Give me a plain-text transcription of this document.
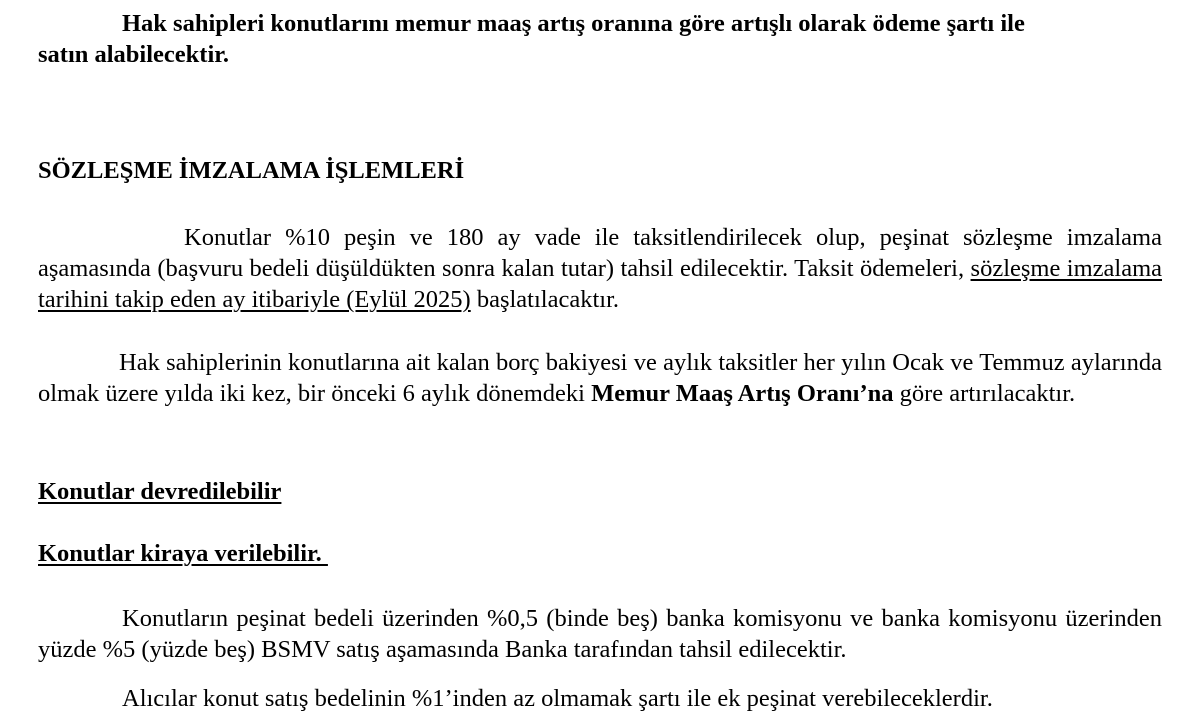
Hak sahipleri konutlarını memur maaş artış oranına göre artışlı olarak ödeme şartı ile
satın alabilecektir.

SÖZLEŞME İMZALAMA İŞLEMLERİ

Konutlar %10 peşin ve 180 ay vade ile taksitlendirilecek olup, peşinat sözleşme imzalama aşamasında (başvuru bedeli düşüldükten sonra kalan tutar) tahsil edilecektir. Taksit ödemeleri, sözleşme imzalama tarihini takip eden ay itibariyle (Eylül 2025) başlatılacaktır.

Hak sahiplerinin konutlarına ait kalan borç bakiyesi ve aylık taksitler her yılın Ocak ve Temmuz aylarında olmak üzere yılda iki kez, bir önceki 6 aylık dönemdeki Memur Maaş Artış Oranı’na göre artırılacaktır.

Konutlar devredilebilir

Konutlar kiraya verilebilir.

Konutların peşinat bedeli üzerinden %0,5 (binde beş) banka komisyonu ve banka komisyonu üzerinden yüzde %5 (yüzde beş) BSMV satış aşamasında Banka tarafından tahsil edilecektir.

Alıcılar konut satış bedelinin %1’inden az olmamak şartı ile ek peşinat verebileceklerdir.
